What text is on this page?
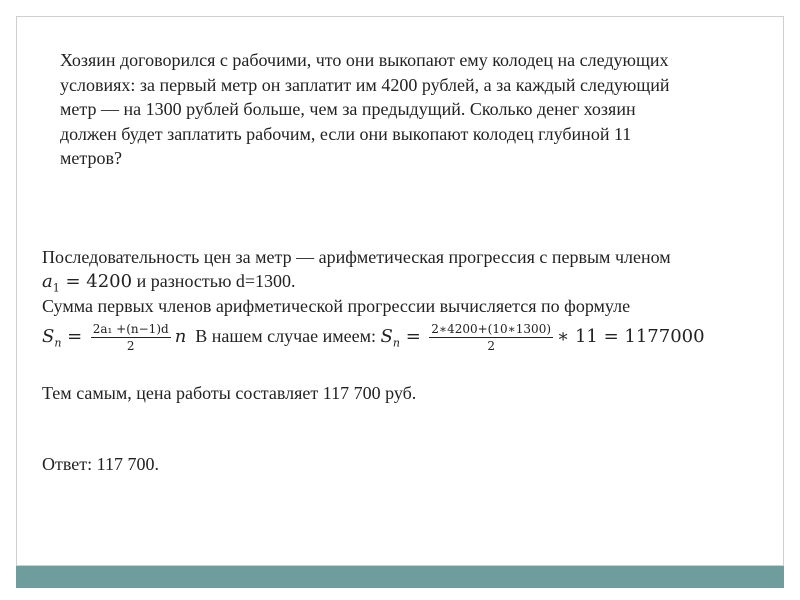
Хозяин договорился с рабочими, что они выкопают ему колодец на следующих
условиях: за первый метр он заплатит им 4200 рублей, а за каждый следующий
метр — на 1300 рублей больше, чем за предыдущий. Сколько денег хозяин
должен будет заплатить рабочим, если они выкопают колодец глубиной 11
метров?
Последовательность цен за метр — арифметическая прогрессия с первым членом
$a_1 = 4200$ и разностью d=1300.
Сумма первых членов арифметической прогрессии вычисляется по формуле
$S_n = \frac{\text{2a₁ +(n−1)d}}{2}$ n  В нашем случае имеем: $S_n = \frac{2∗4200+(10∗1300)}{2}$ ∗ 11 = 1177000
Тем самым, цена работы составляет 117 700 руб.
Ответ: 117 700.
